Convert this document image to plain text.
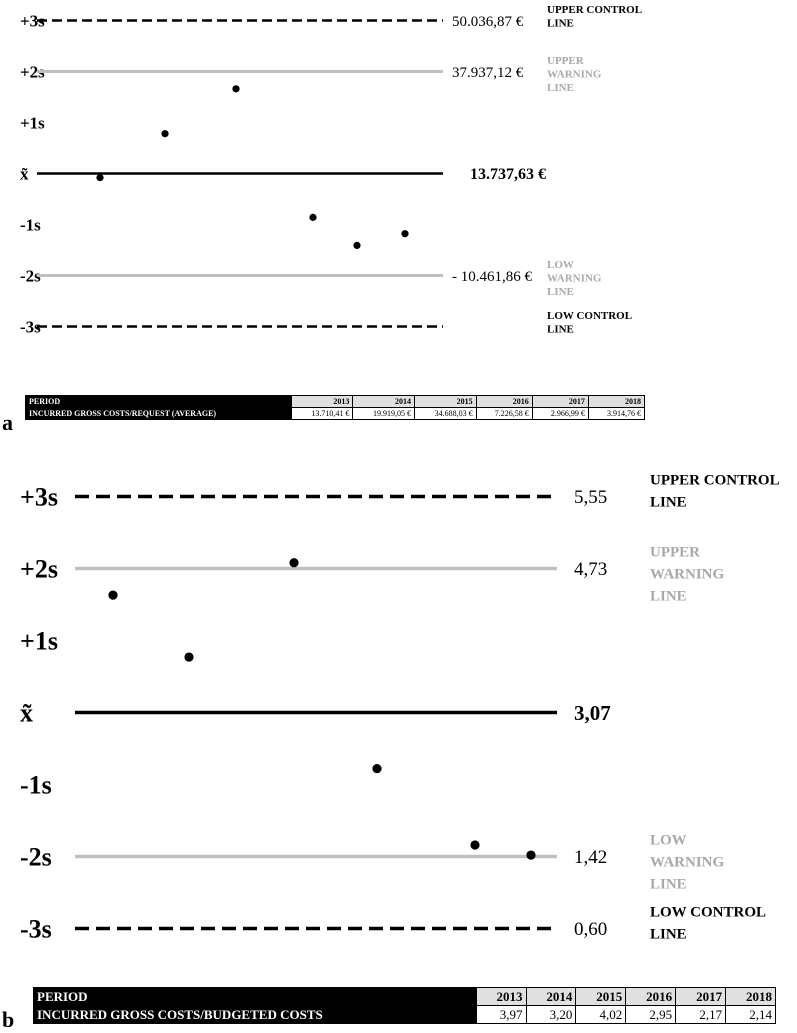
+3s	50.036,87 €
UPPER CONTROL
LINE
+2s	37.937,12 €
UPPER
WARNING
LINE
+1s
x̃	13.737,63 €
-1s
-2s	- 10.461,86 €
LOW
WARNING
LINE
-3s
LOW CONTROL
LINE
PERIOD	2013	2014	2015	2016	2017	2018
INCURRED GROSS COSTS/REQUEST (AVERAGE)	13.710,41 €	19.919,05 €	34.688,03 €	7.226,58 €	2.966,99 €	3.914,76 €
a
+3s	5,55
UPPER CONTROL
LINE
+2s	4,73
UPPER
WARNING
LINE
+1s
x̃	3,07
-1s
-2s	1,42
LOW
WARNING
LINE
-3s	0,60
LOW CONTROL
LINE
PERIOD	2013	2014	2015	2016	2017	2018
INCURRED GROSS COSTS/BUDGETED COSTS	3,97	3,20	4,02	2,95	2,17	2,14
b
